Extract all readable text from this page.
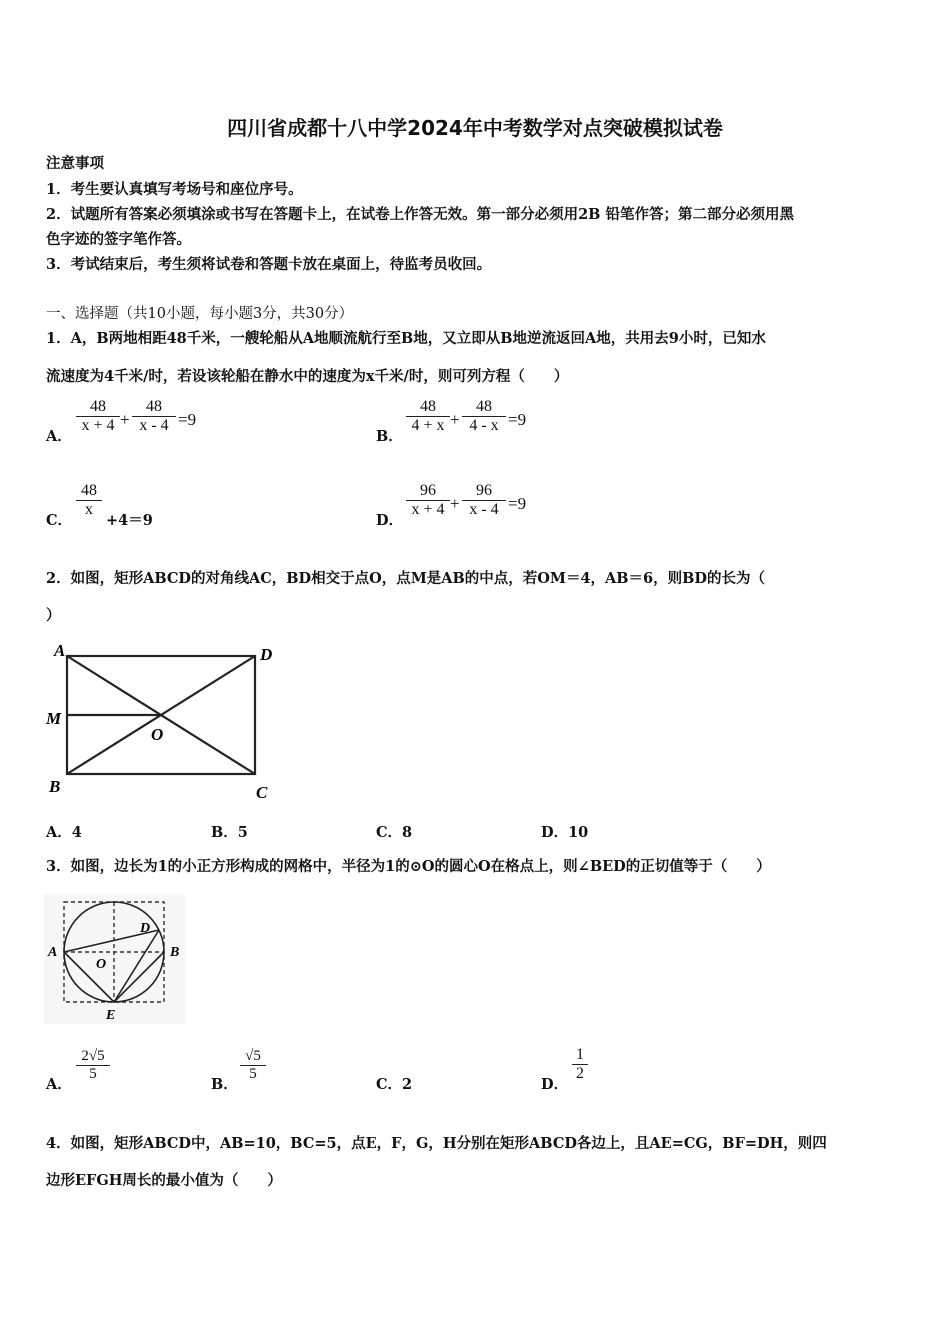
四川省成都十八中学2024年中考数学对点突破模拟试卷
注意事项
1．考生要认真填写考场号和座位序号。
2．试题所有答案必须填涂或书写在答题卡上，在试卷上作答无效。第一部分必须用2B 铅笔作答；第二部分必须用黑
色字迹的签字笔作答。
3．考试结束后，考生须将试卷和答题卡放在桌面上，待监考员收回。
一、选择题（共10小题，每小题3分，共30分）
1．A，B两地相距48千米，一艘轮船从A地顺流航行至B地，又立即从B地逆流返回A地，共用去9小时，已知水
流速度为4千米/时，若设该轮船在静水中的速度为x千米/时，则可列方程（　　）
A．
48
x + 4 +
48
x - 4 =9
B．
48
4 + x +
48
4 - x =9
C．
48
x
+4＝9	D．
96
x + 4 +
96
x - 4 =9
2．如图，矩形ABCD的对角线AC，BD相交于点O，点M是AB的中点，若OM＝4，AB＝6，则BD的长为（
）
A	D
M
O
B	C
A．4	B．5	C．8	D．10
3．如图，边长为1的小正方形构成的网格中，半径为1的⊙O的圆心O在格点上，则∠BED的正切值等于（　　）
A	B
D
O
E
A．
2√5
5
B．
√5
5
C．2	D．
1
2
4．如图，矩形ABCD中，AB=10，BC=5，点E，F，G，H分别在矩形ABCD各边上，且AE=CG，BF=DH，则四
边形EFGH周长的最小值为（　　）
